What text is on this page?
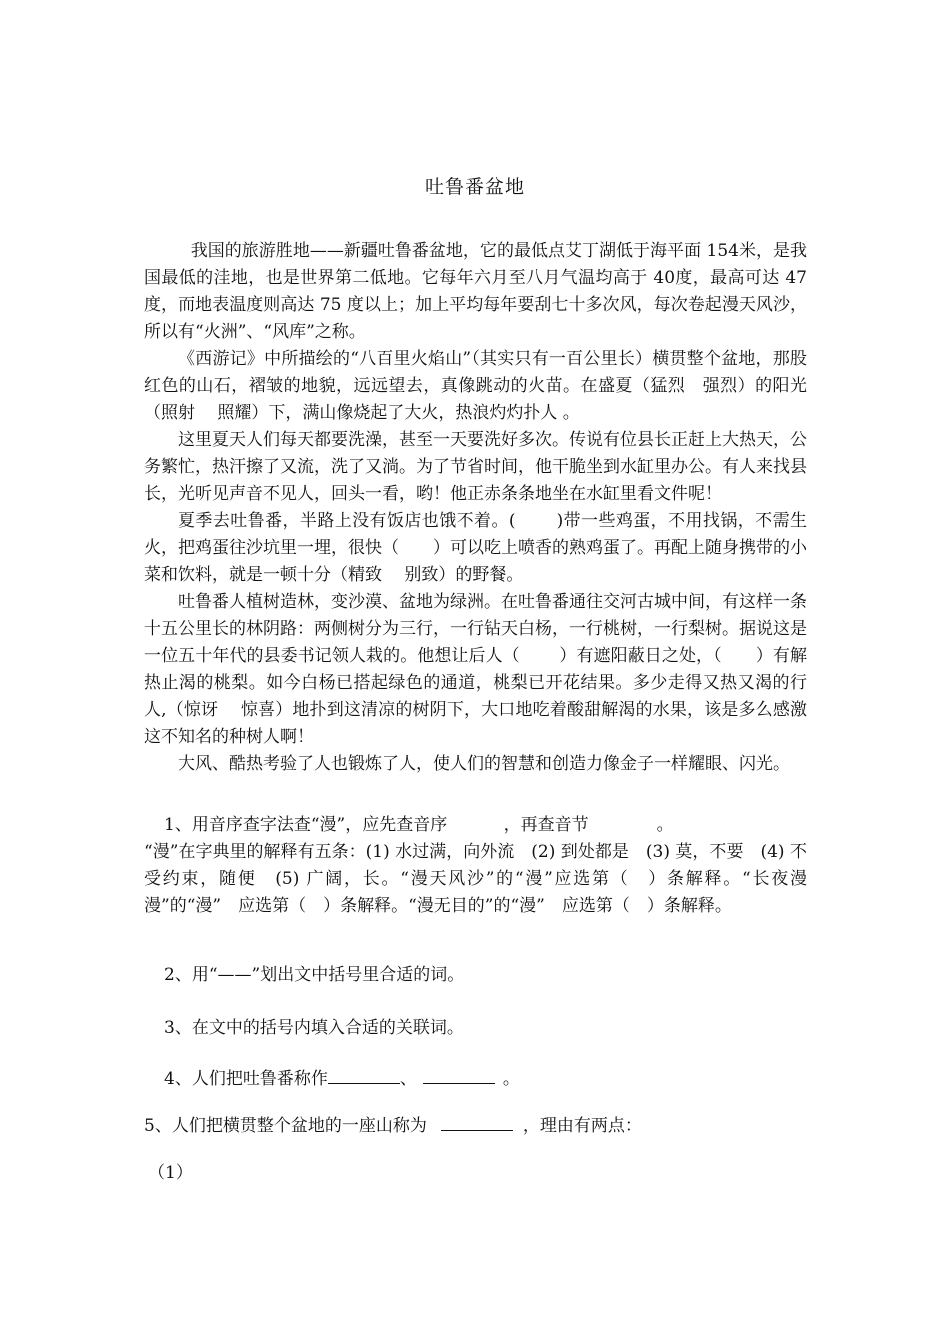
吐鲁番盆地

我国的旅游胜地——新疆吐鲁番盆地，它的最低点艾丁湖低于海平面 154米，是我国最低的洼地，也是世界第二低地。它每年六月至八月气温均高于 40度，最高可达 47 度，而地表温度则高达 75 度以上；加上平均每年要刮七十多次风，每次卷起漫天风沙，所以有“火洲”、“风库”之称。

《西游记》中所描绘的“八百里火焰山”（其实只有一百公里长）横贯整个盆地，那股红色的山石，褶皱的地貌，远远望去，真像跳动的火苗。在盛夏（猛烈　强烈）的阳光（照射　 照耀）下，满山像烧起了大火，热浪灼灼扑人 。

这里夏天人们每天都要洗澡，甚至一天要洗好多次。传说有位县长正赶上大热天，公务繁忙，热汗擦了又流，洗了又淌。为了节省时间，他干脆坐到水缸里办公。有人来找县长，光听见声音不见人，回头一看，哟！他正赤条条地坐在水缸里看文件呢！

夏季去吐鲁番，半路上没有饭店也饿不着。(　　 )带一些鸡蛋，不用找锅，不需生火，把鸡蛋往沙坑里一埋，很快（　　）可以吃上喷香的熟鸡蛋了。再配上随身携带的小菜和饮料，就是一顿十分（精致　 别致）的野餐。

吐鲁番人植树造林，变沙漠、盆地为绿洲。在吐鲁番通往交河古城中间，有这样一条十五公里长的林阴路：两侧树分为三行，一行钻天白杨，一行桃树，一行梨树。据说这是一位五十年代的县委书记领人栽的。他想让后人（　　 ）有遮阳蔽日之处，（　　）有解热止渴的桃梨。如今白杨已搭起绿色的通道，桃梨已开花结果。多少走得又热又渴的行人,（惊讶　 惊喜）地扑到这清凉的树阴下，大口地吃着酸甜解渴的水果，该是多么感激这不知名的种树人啊！

大风、酷热考验了人也锻炼了人，使人们的智慧和创造力像金子一样耀眼、闪光。

1、用音序查字法查“漫”，应先查音序　　　 ，再查音节　　　　。
“漫”在字典里的解释有五条：(1) 水过满，向外流　(2) 到处都是　(3) 莫，不要　(4) 不受约束，随便　(5) 广阔，长。“漫天风沙”的“漫”应选第（　）条解释。“长夜漫漫”的“漫”　应选第（　）条解释。“漫无目的”的“漫”　应选第（　）条解释。
2、用“——”划出文中括号里合适的词。
3、在文中的括号内填入合适的关联词。
4、人们把吐鲁番称作	、	。
5、人们把横贯整个盆地的一座山称为	，理由有两点：
（1）
